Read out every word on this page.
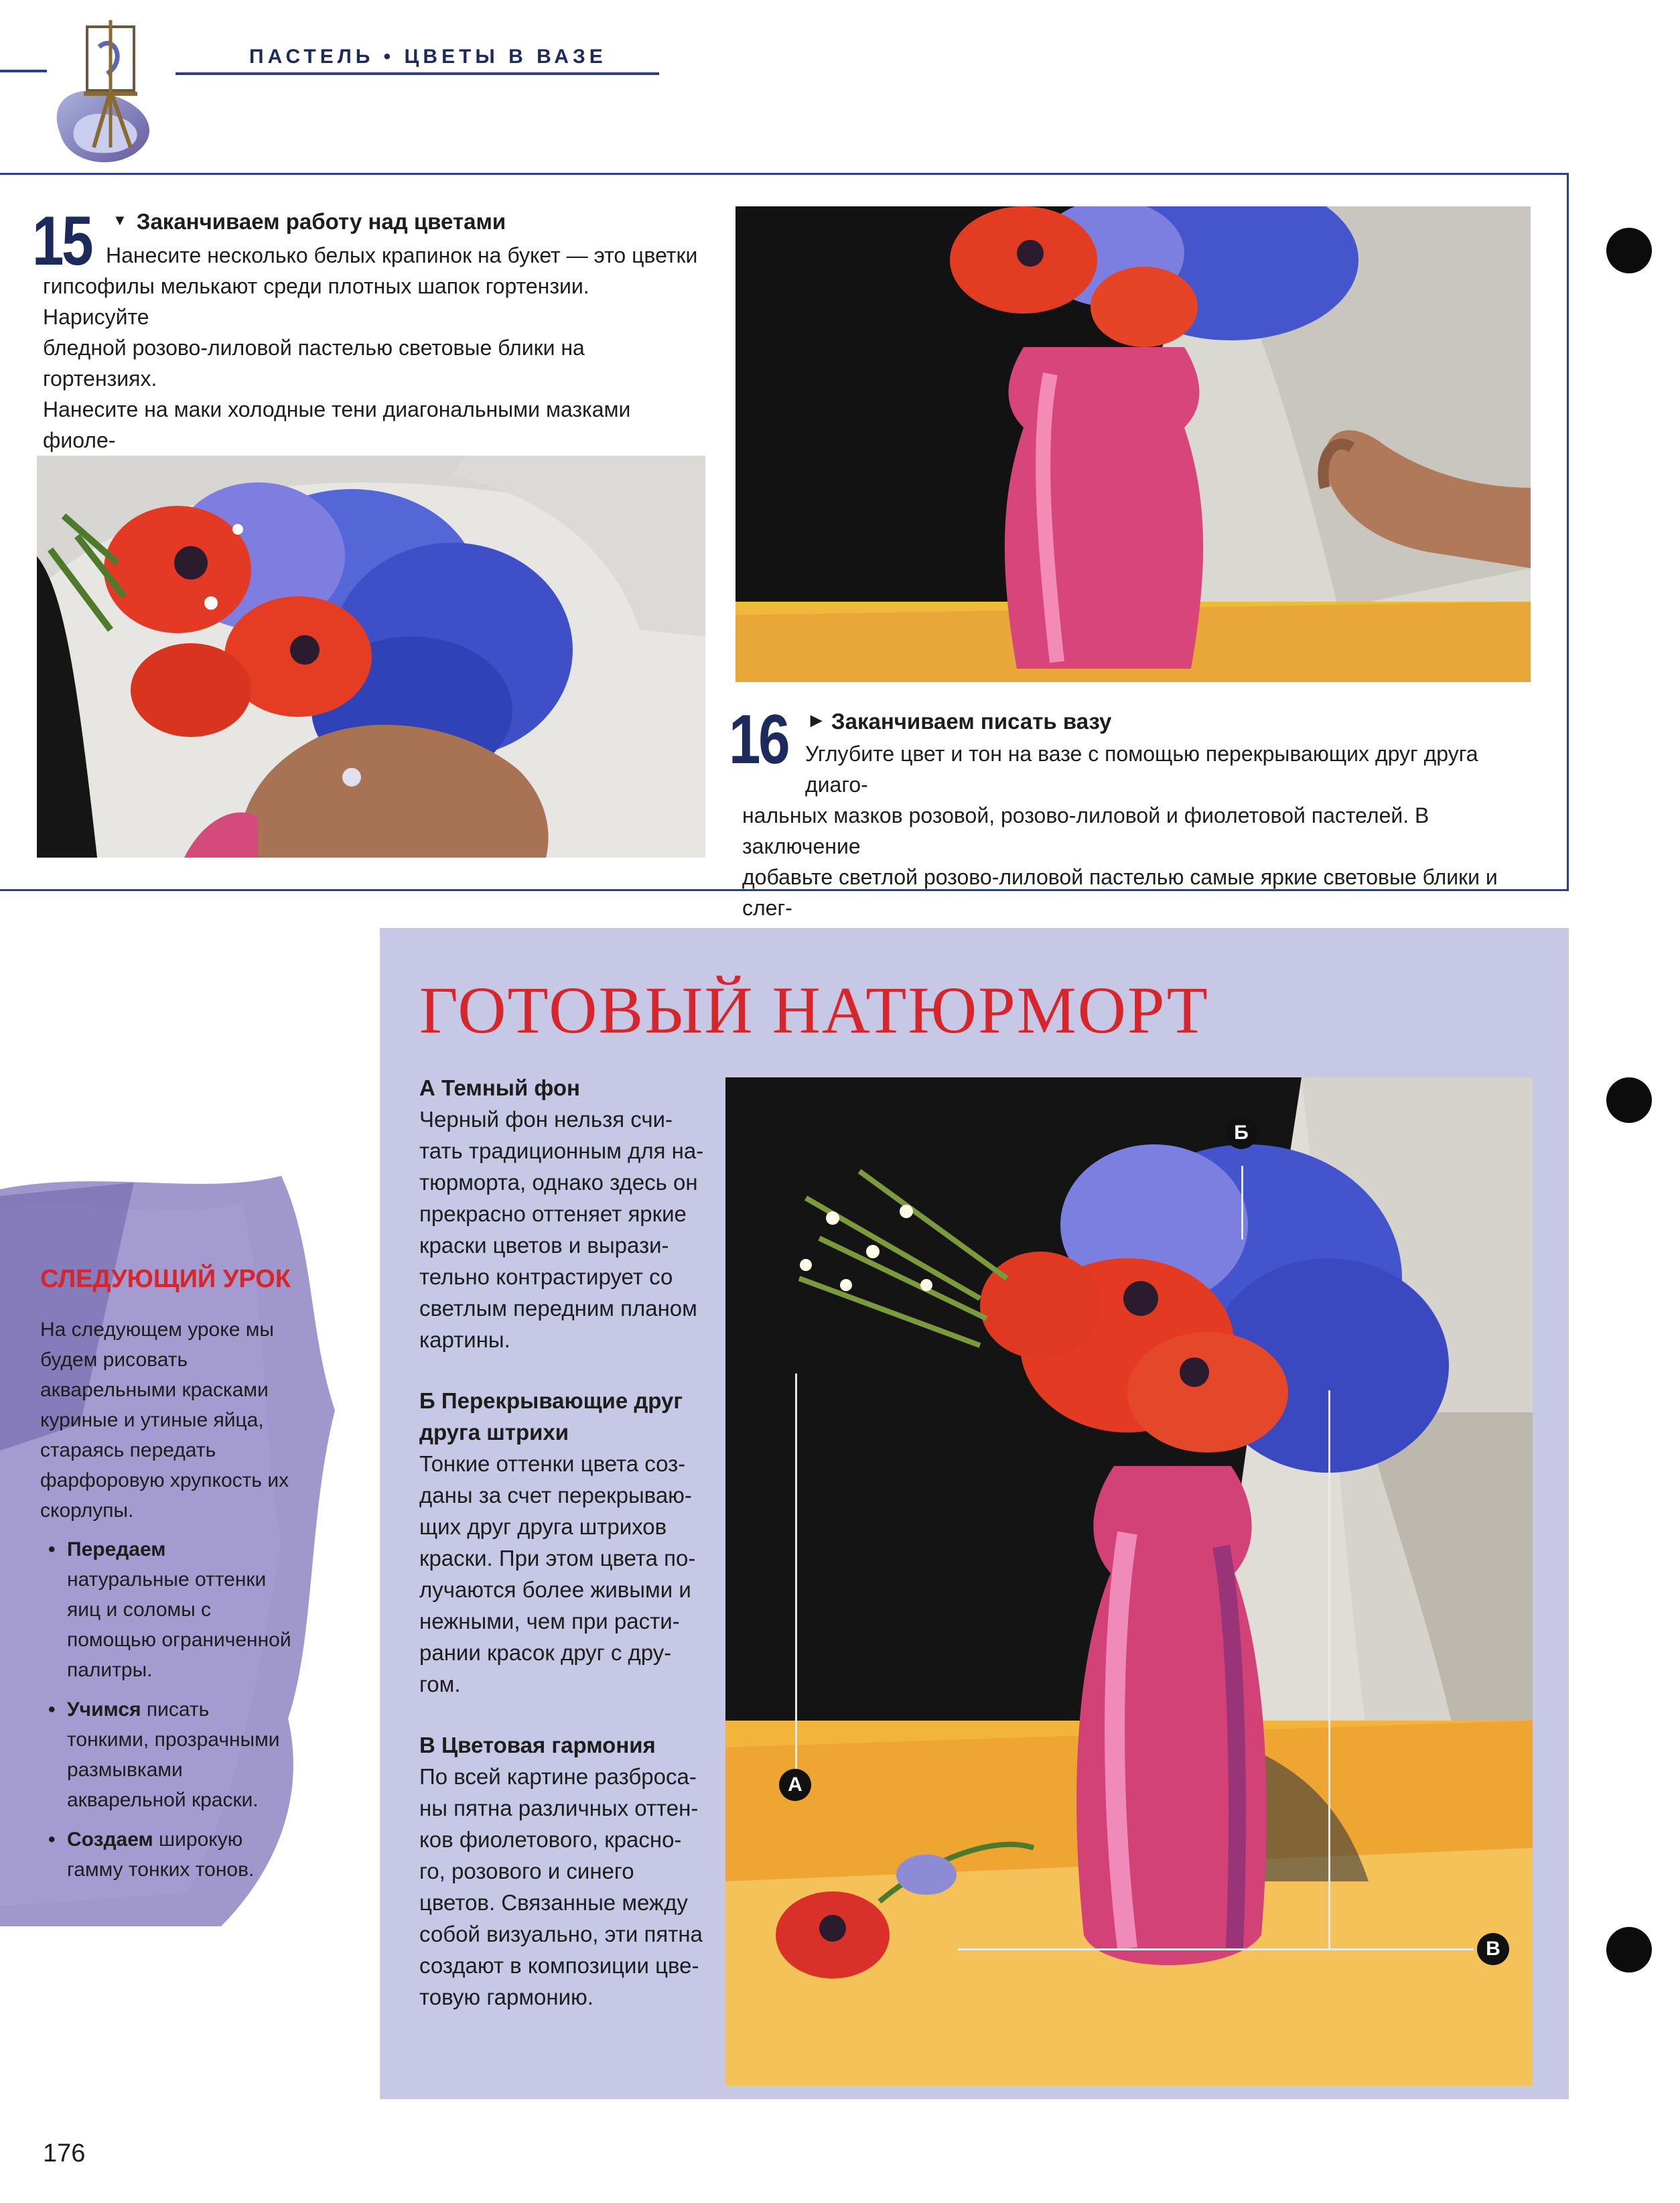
ПАСТЕЛЬ • ЦВЕТЫ В ВАЗЕ
15 ▼ Заканчиваем работу над цветами
Нанесите несколько белых крапинок на букет — это цветки
гипсофилы мелькают среди плотных шапок гортензии. Нарисуйте
бледной розово-лиловой пастелью световые блики на гортензиях.
Нанесите на маки холодные тени диагональными мазками фиоле-
16 ▶ Заканчиваем писать вазу
Углубите цвет и тон на вазе с помощью перекрывающих друг друга диаго-
нальных мазков розовой, розово-лиловой и фиолетовой пастелей. В заключение
добавьте светлой розово-лиловой пастелью самые яркие световые блики и слег-
ГОТОВЫЙ НАТЮРМОРТ

А Темный фон
Черный фон нельзя счи-
тать традиционным для на-
тюрморта, однако здесь он
прекрасно оттеняет яркие
краски цветов и вырази-
тельно контрастирует со
светлым передним планом
картины.

Б Перекрывающие друг
друга штрихи
Тонкие оттенки цвета соз-
даны за счет перекрываю-
щих друг друга штрихов
краски. При этом цвета по-
лучаются более живыми и
нежными, чем при расти-
рании красок друг с дру-
гом.

В Цветовая гармония
По всей картине разброса-
ны пятна различных оттен-
ков фиолетового, красно-
го, розового и синего
цветов. Связанные между
собой визуально, эти пятна
создают в композиции цве-
товую гармонию.

А
Б
В
СЛЕДУЮЩИЙ УРОК
На следующем уроке мы
будем рисовать
акварельными красками
куриные и утиные яйца,
стараясь передать
фарфоровую хрупкость их
скорлупы.
• Передаем
натуральные оттенки
яиц и соломы с
помощью ограниченной
палитры.
• Учимся писать
тонкими, прозрачными
размывками
акварельной краски.
• Создаем широкую
гамму тонких тонов.
176
